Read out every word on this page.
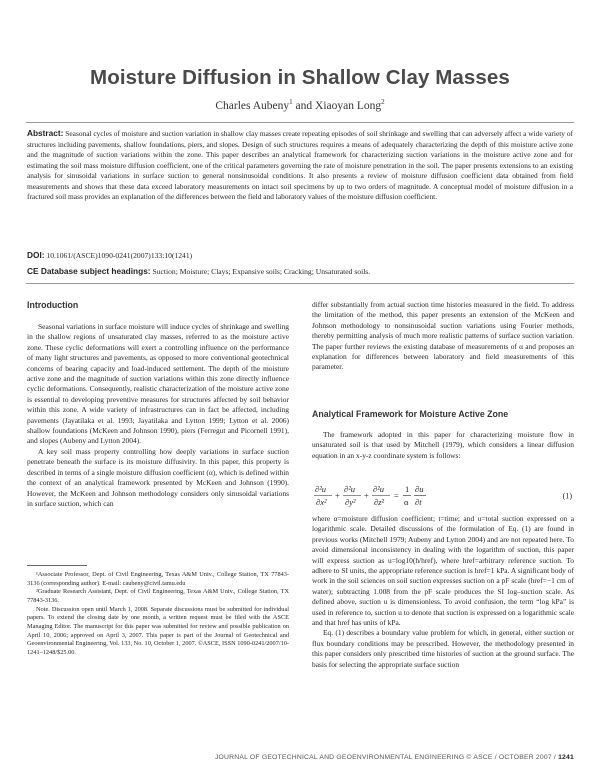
Moisture Diffusion in Shallow Clay Masses
Charles Aubeny$^1$ and Xiaoyan Long$^2$

Abstract: Seasonal cycles of moisture and suction variation in shallow clay masses create repeating episodes of soil shrinkage and swelling that can adversely affect a wide variety of structures including pavements, shallow foundations, piers, and slopes. Design of such structures requires a means of adequately characterizing the depth of this moisture active zone and the magnitude of suction variations within the zone. This paper describes an analytical framework for characterizing suction variations in the moisture active zone and for estimating the soil mass moisture diffusion coefficient, one of the critical parameters governing the rate of moisture penetration in the soil. The paper presents extensions to an existing analysis for sinusoidal variations in surface suction to general nonsinusoidal conditions. It also presents a review of moisture diffusion coefficient data obtained from field measurements and shows that these data exceed laboratory measurements on intact soil specimens by up to two orders of magnitude. A conceptual model of moisture diffusion in a fractured soil mass provides an explanation of the differences between the field and laboratory values of the moisture diffusion coefficient.

DOI: 10.1061/(ASCE)1090-0241(2007)133:10(1241)

CE Database subject headings: Suction; Moisture; Clays; Expansive soils; Cracking; Unsaturated soils.

Introduction

Seasonal variations in surface moisture will induce cycles of shrinkage and swelling in the shallow regions of unsaturated clay masses, referred to as the moisture active zone. These cyclic deformations will exert a controlling influence on the performance of many light structures and pavements, as opposed to more conventional geotechnical concerns of bearing capacity and load-induced settlement. The depth of the moisture active zone and the magnitude of suction variations within this zone directly influence cyclic deformations. Consequently, realistic characterization of the moisture active zone is essential to developing preventive measures for structures affected by soil behavior within this zone. A wide variety of infrastructures can in fact be affected, including pavements (Jayatilaka et al. 1993; Jayatilaka and Lytton 1999; Lytton et al. 2006) shallow foundations (McKeen and Johnson 1990), piers (Ferregut and Picornell 1991), and slopes (Aubeny and Lytton 2004).

A key soil mass property controlling how deeply variations in surface suction penetrate beneath the surface is its moisture diffusivity. In this paper, this property is described in terms of a single moisture diffusion coefficient (α), which is defined within the context of an analytical framework presented by McKeen and Johnson (1990). However, the McKeen and Johnson methodology considers only sinusoidal variations in surface suction, which can

¹Associate Professor, Dept. of Civil Engineering, Texas A&M Univ., College Station, TX 77843-3136 (corresponding author). E-mail: caubeny@civil.tamu.edu

²Graduate Research Assistant, Dept. of Civil Engineering, Texas A&M Univ., College Station, TX 77843-3136.

Note. Discussion open until March 1, 2008. Separate discussions must be submitted for individual papers. To extend the closing date by one month, a written request must be filed with the ASCE Managing Editor. The manuscript for this paper was submitted for review and possible publication on April 10, 2006; approved on April 3, 2007. This paper is part of the Journal of Geotechnical and Geoenvironmental Engineering, Vol. 133, No. 10, October 1, 2007. ©ASCE, ISSN 1090-0241/2007/10-1241–1248/$25.00.

differ substantially from actual suction time histories measured in the field. To address the limitation of the method, this paper presents an extension of the McKeen and Johnson methodology to nonsinusoidal suction variations using Fourier methods, thereby permitting analysis of much more realistic patterns of surface suction variation. The paper further reviews the existing database of measurements of α and proposes an explanation for differences between laboratory and field measurements of this parameter.

Analytical Framework for Moisture Active Zone

The framework adopted in this paper for characterizing moisture flow in unsaturated soil is that used by Mitchell (1979), which considers a linear diffusion equation in an x-y-z coordinate system is follows:

∂²u
∂x²
+
∂²u
∂y²
+
∂²u
∂z²
=
1
α
∂u
∂t
(1)

where α=moisture diffusion coefficient; t=time; and u=total suction expressed on a logarithmic scale. Detailed discussions of the formulation of Eq. (1) are found in previous works (Mitchell 1979; Aubeny and Lytton 2004) and are not repeated here. To avoid dimensional inconsistency in dealing with the logarithm of suction, this paper will express suction as u=log10(h/href), where href=arbitrary reference suction. To adhere to SI units, the appropriate reference suction is href=1 kPa. A significant body of work in the soil sciences on soil suction expresses suction on a pF scale (href=−1 cm of water); subtracting 1.008 from the pF scale produces the SI log–suction scale. As defined above, suction u is dimensionless. To avoid confusion, the term “log kPa” is used in reference to, suction u to denote that suction is expressed on a logarithmic scale and that href has units of kPa.

Eq. (1) describes a boundary value problem for which, in general, either suction or flux boundary conditions may be prescribed. However, the methodology presented in this paper considers only prescribed time histories of suction at the ground surface. The basis for selecting the appropriate surface suction

JOURNAL OF GEOTECHNICAL AND GEOENVIRONMENTAL ENGINEERING © ASCE / OCTOBER 2007 / 1241
